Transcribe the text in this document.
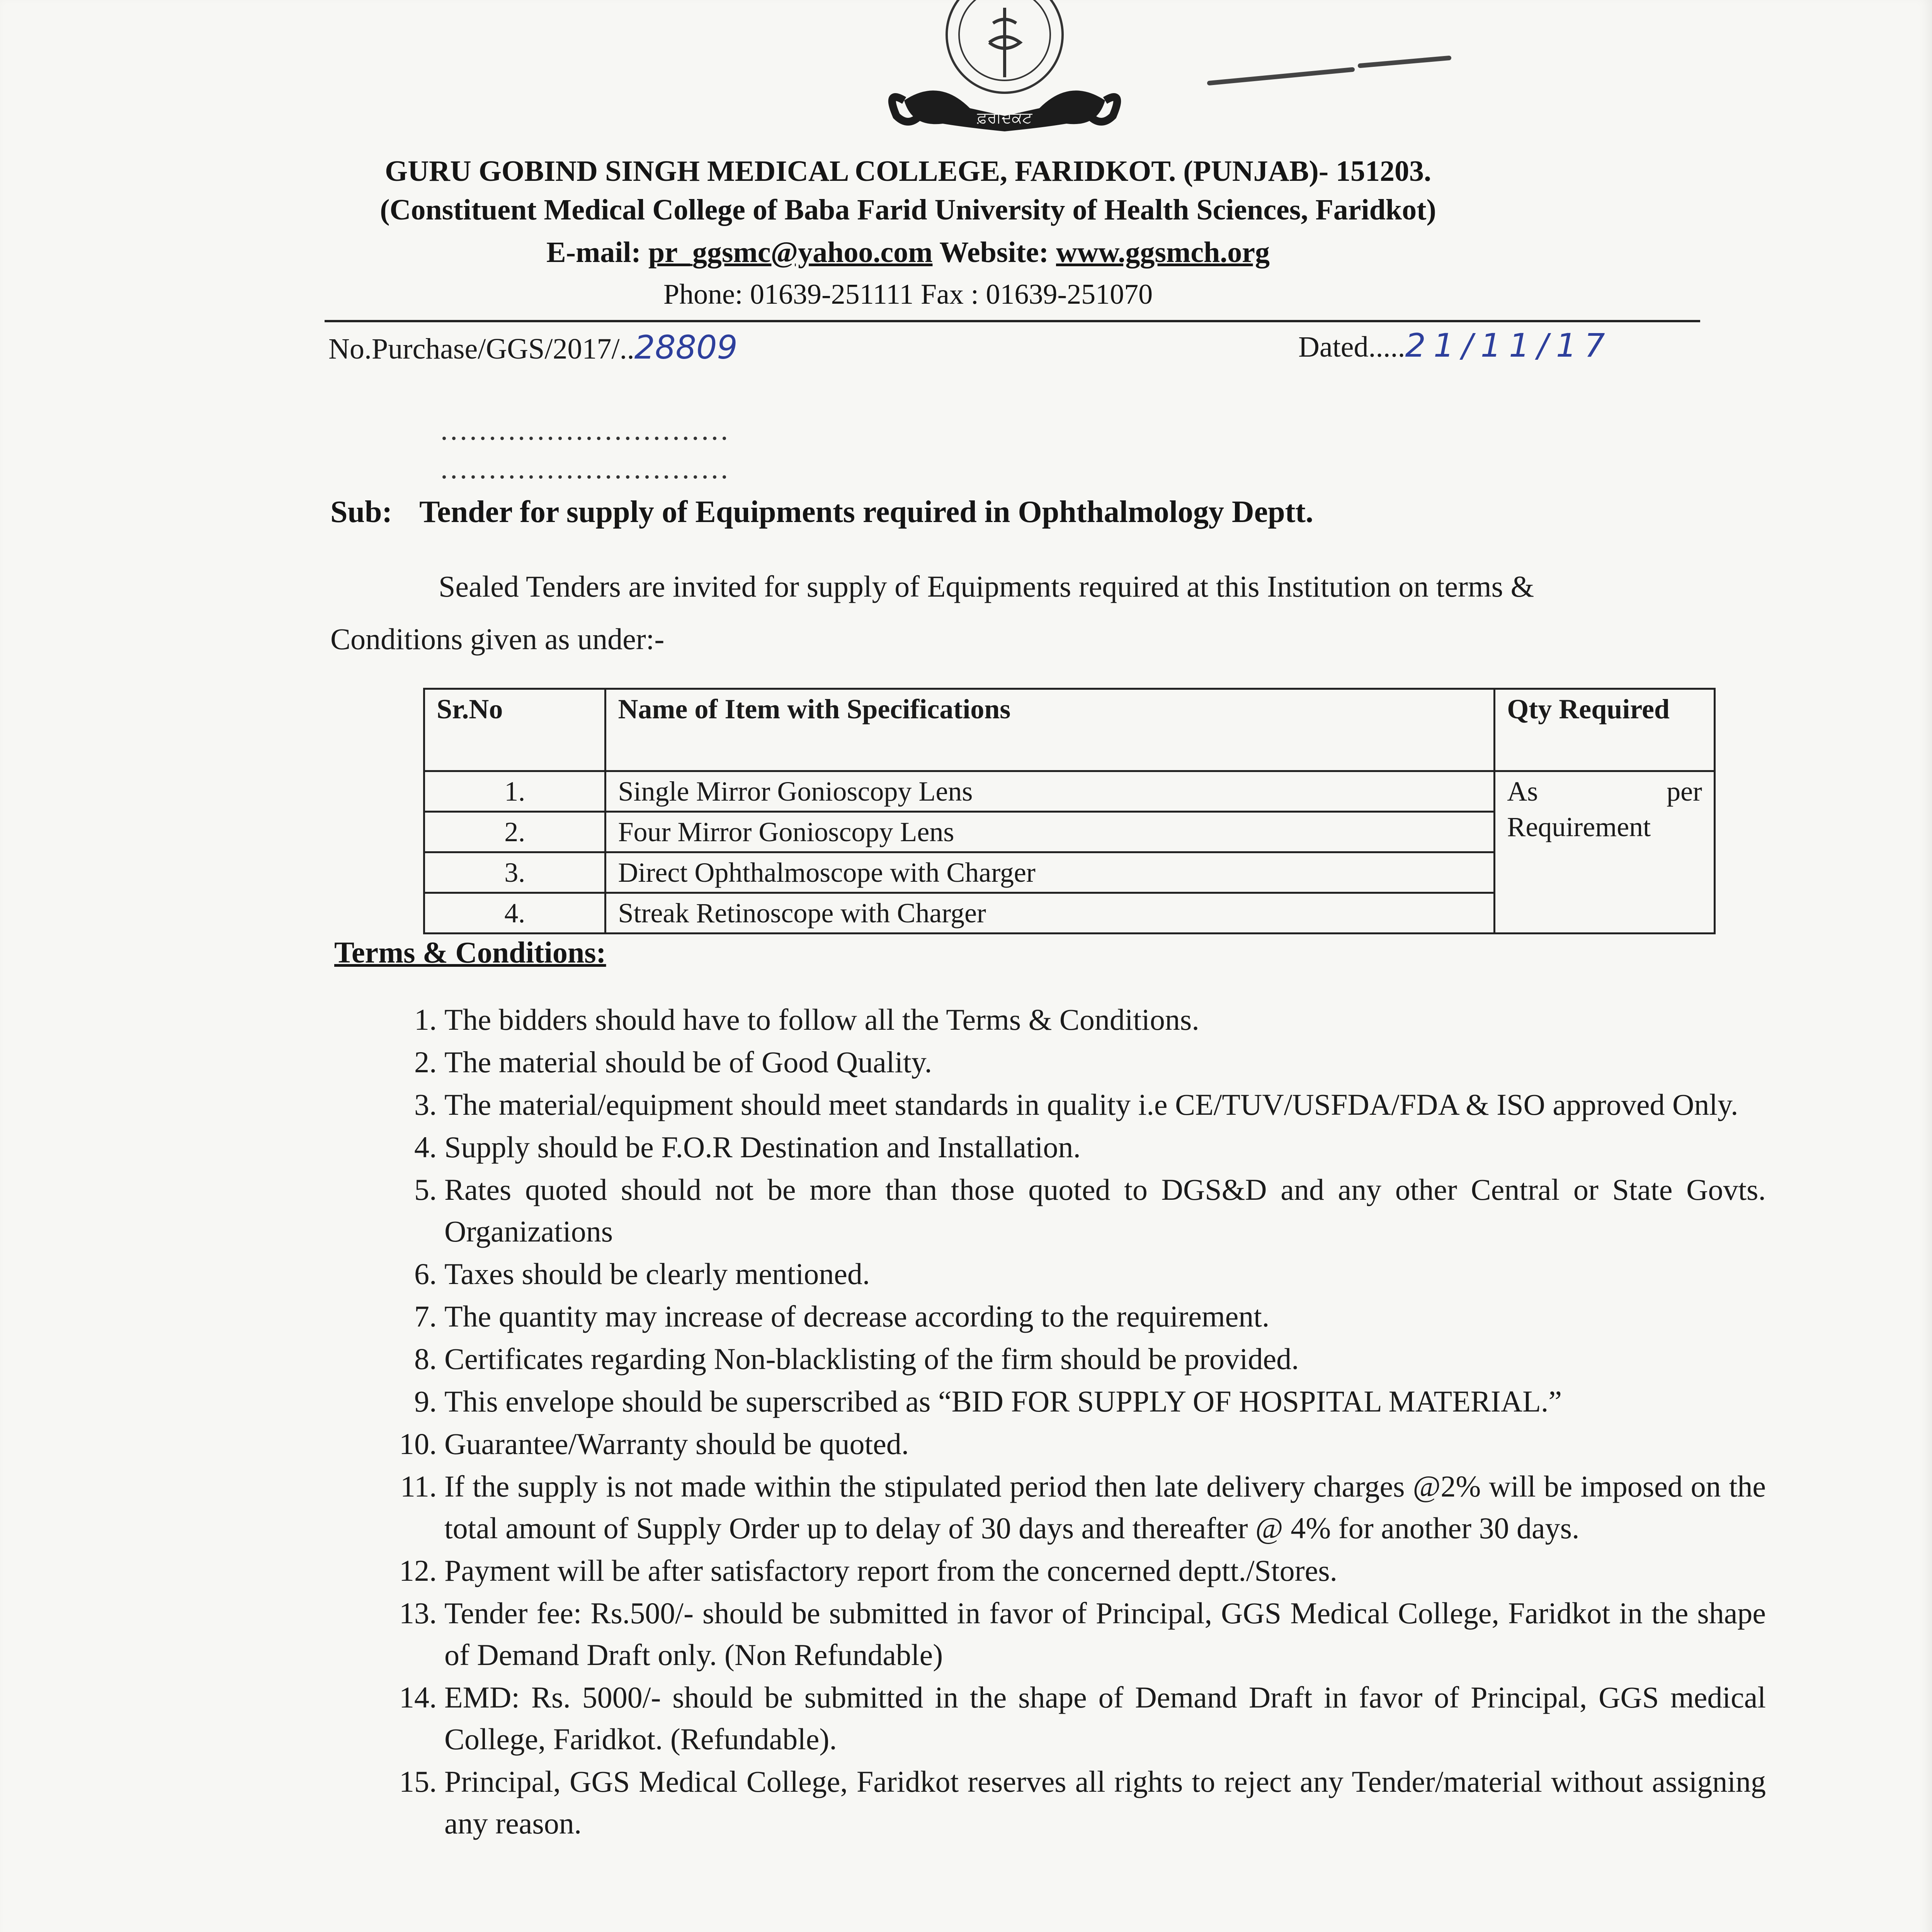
ਫ਼ਰੀਦਕੋਟ
GURU GOBIND SINGH MEDICAL COLLEGE, FARIDKOT. (PUNJAB)- 151203.
(Constituent Medical College of Baba Farid University of Health Sciences, Faridkot)
E-mail: pr_ggsmc@yahoo.com Website: www.ggsmch.org
Phone: 01639-251111 Fax : 01639-251070
No.Purchase/GGS/2017/..28809	Dated.....21/11/17
..............................
..............................
Sub: Tender for supply of Equipments required in Ophthalmology Deptt.
Sealed Tenders are invited for supply of Equipments required at this Institution on terms & Conditions given as under:-
Sr.No	Name of Item with Specifications	Qty Required
1.	Single Mirror Gonioscopy Lens	As per Requirement
2.	Four Mirror Gonioscopy Lens	
3.	Direct Ophthalmoscope with Charger	
4.	Streak Retinoscope with Charger	
Terms & Conditions:
1. The bidders should have to follow all the Terms & Conditions.
2. The material should be of Good Quality.
3. The material/equipment should meet standards in quality i.e CE/TUV/USFDA/FDA & ISO approved Only.
4. Supply should be F.O.R Destination and Installation.
5. Rates quoted should not be more than those quoted to DGS&D and any other Central or State Govts. Organizations
6. Taxes should be clearly mentioned.
7. The quantity may increase of decrease according to the requirement.
8. Certificates regarding Non-blacklisting of the firm should be provided.
9. This envelope should be superscribed as “BID FOR SUPPLY OF HOSPITAL MATERIAL.”
10. Guarantee/Warranty should be quoted.
11. If the supply is not made within the stipulated period then late delivery charges @2% will be imposed on the total amount of Supply Order up to delay of 30 days and thereafter @ 4% for another 30 days.
12. Payment will be after satisfactory report from the concerned deptt./Stores.
13. Tender fee: Rs.500/- should be submitted in favor of Principal, GGS Medical College, Faridkot in the shape of Demand Draft only. (Non Refundable)
14. EMD: Rs. 5000/- should be submitted in the shape of Demand Draft in favor of Principal, GGS medical College, Faridkot. (Refundable).
15. Principal, GGS Medical College, Faridkot reserves all rights to reject any Tender/material without assigning any reason.
